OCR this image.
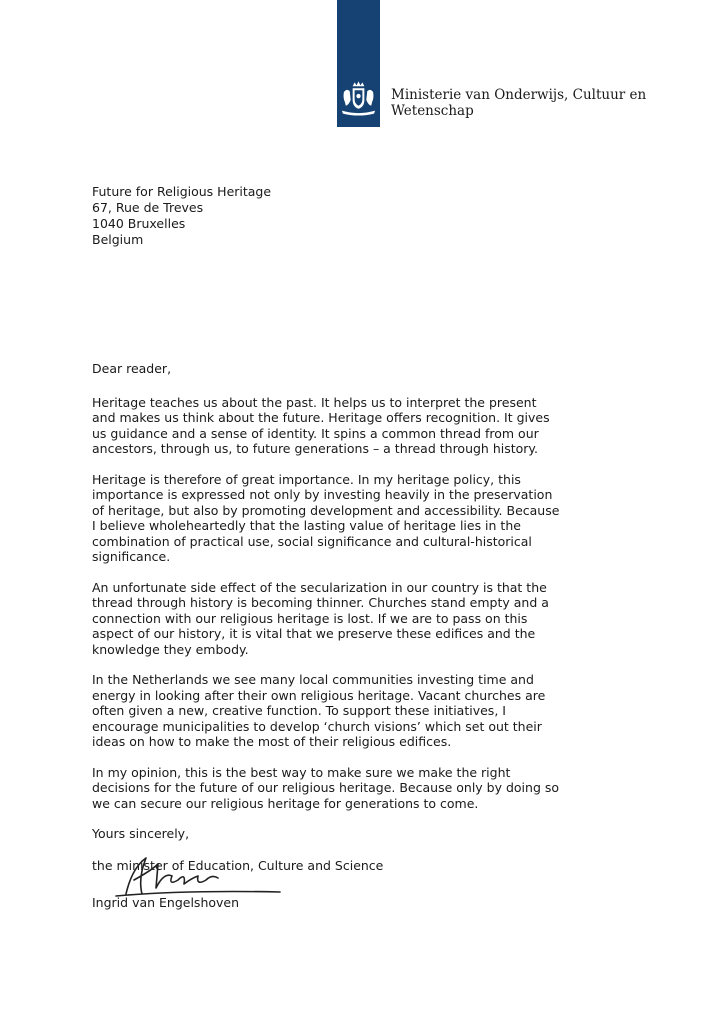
Ministerie van Onderwijs, Cultuur en
Wetenschap
Future for Religious Heritage
67, Rue de Treves
1040 Bruxelles
Belgium

Dear reader,

Heritage teaches us about the past. It helps us to interpret the present and makes us think about the future. Heritage offers recognition. It gives us guidance and a sense of identity. It spins a common thread from our ancestors, through us, to future generations – a thread through history.

Heritage is therefore of great importance. In my heritage policy, this importance is expressed not only by investing heavily in the preservation of heritage, but also by promoting development and accessibility. Because I believe wholeheartedly that the lasting value of heritage lies in the combination of practical use, social significance and cultural-historical significance.

An unfortunate side effect of the secularization in our country is that the thread through history is becoming thinner. Churches stand empty and a connection with our religious heritage is lost. If we are to pass on this aspect of our history, it is vital that we preserve these edifices and the knowledge they embody.

In the Netherlands we see many local communities investing time and energy in looking after their own religious heritage. Vacant churches are often given a new, creative function. To support these initiatives, I encourage municipalities to develop ‘church visions’ which set out their ideas on how to make the most of their religious edifices.

In my opinion, this is the best way to make sure we make the right decisions for the future of our religious heritage. Because only by doing so we can secure our religious heritage for generations to come.

Yours sincerely,

the minister of Education, Culture and Science

Ingrid van Engelshoven
